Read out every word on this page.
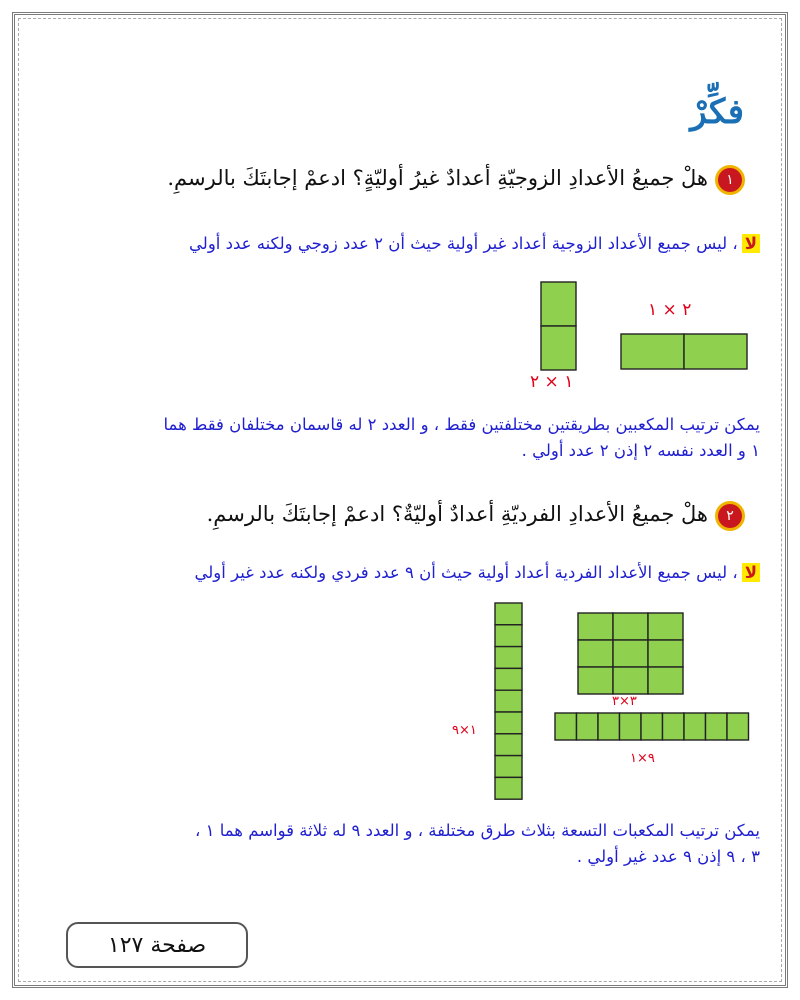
فكِّرْ
١هلْ جميعُ الأعدادِ الزوجيّةِ أعدادٌ غيرُ أوليّةٍ؟ ادعمْ إجابتَكَ بالرسمِ.
لا، ليس جميع الأعداد الزوجية أعداد غير أولية حيث أن ٢ عدد زوجي ولكنه عدد أولي
١ × ٢
٢ × ١
يمكن ترتيب المكعبين بطريقتين مختلفتين فقط ، و العدد ٢ له قاسمان مختلفان فقط هما
١ و العدد نفسه ٢ إذن ٢ عدد أولي .
٢هلْ جميعُ الأعدادِ الفرديّةِ أعدادٌ أوليّةٌ؟ ادعمْ إجابتَكَ بالرسمِ.
لا، ليس جميع الأعداد الفردية أعداد أولية حيث أن ٩ عدد فردي ولكنه عدد غير أولي
١×٩
٣×٣
٩×١
يمكن ترتيب المكعبات التسعة بثلاث طرق مختلفة ، و العدد ٩ له ثلاثة قواسم هما ١ ،
٣ ، ٩ إذن ٩ عدد غير أولي .
صفحة ١٢٧
